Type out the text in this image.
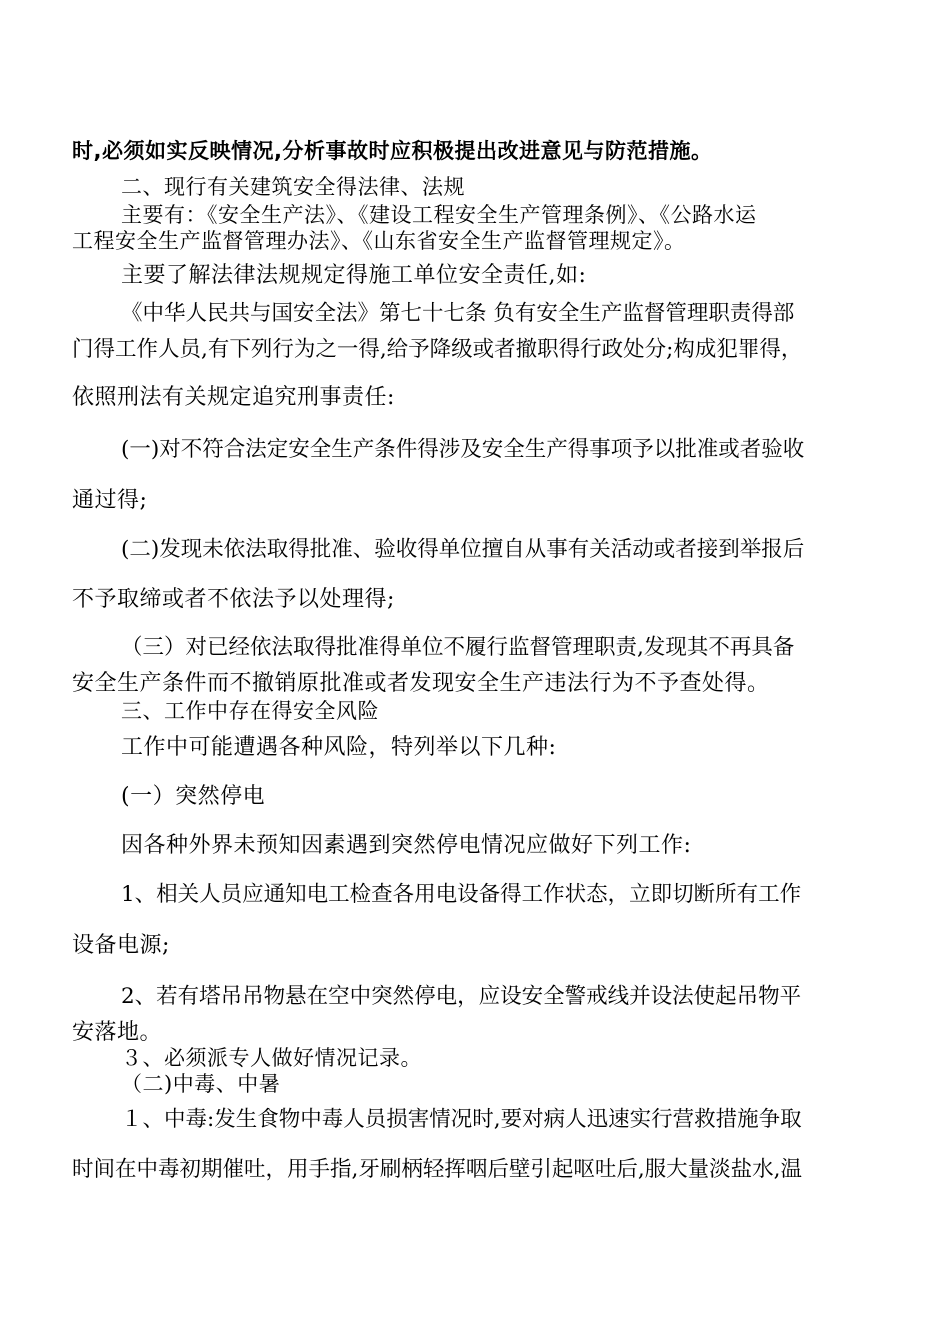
时,必须如实反映情况,分析事故时应积极提出改进意见与防范措施。
二、现行有关建筑安全得法律、法规
主要有：《安全生产法》、《建设工程安全生产管理条例》、《公路水运
工程安全生产监督管理办法》、《山东省安全生产监督管理规定》。
主要了解法律法规规定得施工单位安全责任,如:
《中华人民共与国安全法》第七十七条 负有安全生产监督管理职责得部
门得工作人员,有下列行为之一得,给予降级或者撤职得行政处分;构成犯罪得，
依照刑法有关规定追究刑事责任:
(一)对不符合法定安全生产条件得涉及安全生产得事项予以批准或者验收
通过得;
(二)发现未依法取得批准、验收得单位擅自从事有关活动或者接到举报后
不予取缔或者不依法予以处理得;
（三）对已经依法取得批准得单位不履行监督管理职责,发现其不再具备
安全生产条件而不撤销原批准或者发现安全生产违法行为不予查处得。
三、工作中存在得安全风险
工作中可能遭遇各种风险，特列举以下几种:
(一）突然停电
因各种外界未预知因素遇到突然停电情况应做好下列工作:
1、相关人员应通知电工检查各用电设备得工作状态，立即切断所有工作
设备电源;
2、若有塔吊吊物悬在空中突然停电，应设安全警戒线并设法使起吊物平
安落地。
３、必须派专人做好情况记录。
（二)中毒、中暑
１、中毒:发生食物中毒人员损害情况时,要对病人迅速实行营救措施争取
时间在中毒初期催吐，用手指,牙刷柄轻挥咽后壁引起呕吐后,服大量淡盐水,温
